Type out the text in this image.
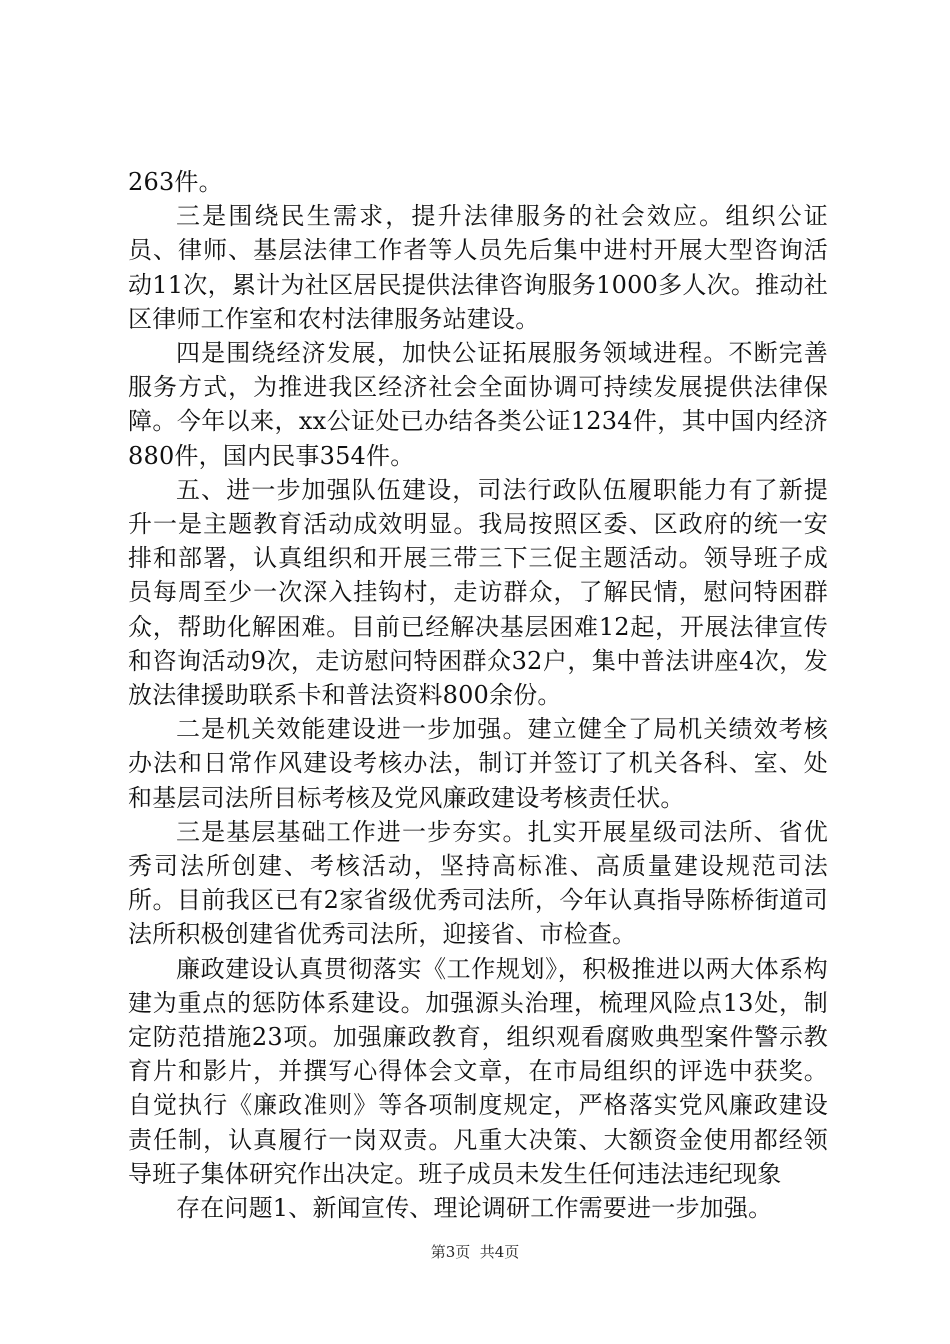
263件。

三是围绕民生需求，提升法律服务的社会效应。组织公证员、律师、基层法律工作者等人员先后集中进村开展大型咨询活动11次，累计为社区居民提供法律咨询服务1000多人次。推动社区律师工作室和农村法律服务站建设。

四是围绕经济发展，加快公证拓展服务领域进程。不断完善服务方式，为推进我区经济社会全面协调可持续发展提供法律保障。今年以来，xx公证处已办结各类公证1234件，其中国内经济880件，国内民事354件。

五、进一步加强队伍建设，司法行政队伍履职能力有了新提升一是主题教育活动成效明显。我局按照区委、区政府的统一安排和部署，认真组织和开展三带三下三促主题活动。领导班子成员每周至少一次深入挂钩村，走访群众，了解民情，慰问特困群众，帮助化解困难。目前已经解决基层困难12起，开展法律宣传和咨询活动9次，走访慰问特困群众32户，集中普法讲座4次，发放法律援助联系卡和普法资料800余份。

二是机关效能建设进一步加强。建立健全了局机关绩效考核办法和日常作风建设考核办法，制订并签订了机关各科、室、处和基层司法所目标考核及党风廉政建设考核责任状。

三是基层基础工作进一步夯实。扎实开展星级司法所、省优秀司法所创建、考核活动，坚持高标准、高质量建设规范司法所。目前我区已有2家省级优秀司法所，今年认真指导陈桥街道司法所积极创建省优秀司法所，迎接省、市检查。

廉政建设认真贯彻落实《工作规划》，积极推进以两大体系构建为重点的惩防体系建设。加强源头治理，梳理风险点13处，制定防范措施23项。加强廉政教育，组织观看腐败典型案件警示教育片和影片，并撰写心得体会文章，在市局组织的评选中获奖。自觉执行《廉政准则》等各项制度规定，严格落实党风廉政建设责任制，认真履行一岗双责。凡重大决策、大额资金使用都经领导班子集体研究作出决定。班子成员未发生任何违法违纪现象

存在问题1、新闻宣传、理论调研工作需要进一步加强。

第3页  共4页
